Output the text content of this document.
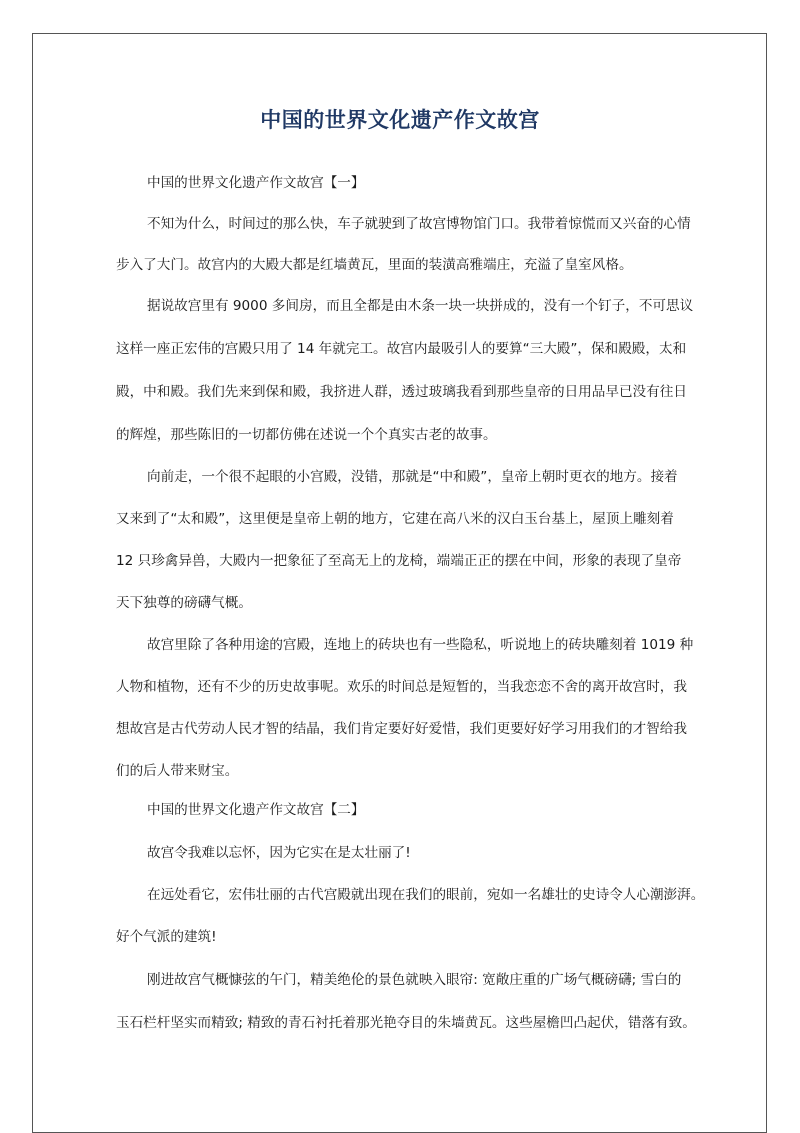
中国的世界文化遗产作文故宫
中国的世界文化遗产作文故宫【一】
不知为什么，时间过的那么快，车子就驶到了故宫博物馆门口。我带着惊慌而又兴奋的心情
步入了大门。故宫内的大殿大都是红墙黄瓦，里面的装潢高雅端庄，充溢了皇室风格。
据说故宫里有 9000 多间房，而且全都是由木条一块一块拼成的，没有一个钉子，不可思议
这样一座正宏伟的宫殿只用了 14 年就完工。故宫内最吸引人的要算“三大殿”，保和殿殿，太和
殿，中和殿。我们先来到保和殿，我挤进人群，透过玻璃我看到那些皇帝的日用品早已没有往日
的辉煌，那些陈旧的一切都仿佛在述说一个个真实古老的故事。
向前走，一个很不起眼的小宫殿，没错，那就是“中和殿”，皇帝上朝时更衣的地方。接着
又来到了“太和殿”，这里便是皇帝上朝的地方，它建在高八米的汉白玉台基上，屋顶上雕刻着
12 只珍禽异兽，大殿内一把象征了至高无上的龙椅，端端正正的摆在中间，形象的表现了皇帝
天下独尊的磅礴气概。
故宫里除了各种用途的宫殿，连地上的砖块也有一些隐私，听说地上的砖块雕刻着 1019 种
人物和植物，还有不少的历史故事呢。欢乐的时间总是短暂的，当我恋恋不舍的离开故宫时，我
想故宫是古代劳动人民才智的结晶，我们肯定要好好爱惜，我们更要好好学习用我们的才智给我
们的后人带来财宝。
中国的世界文化遗产作文故宫【二】
故宫令我难以忘怀，因为它实在是太壮丽了!
在远处看它，宏伟壮丽的古代宫殿就出现在我们的眼前，宛如一名雄壮的史诗令人心潮澎湃。
好个气派的建筑!
刚进故宫气概慷弦的午门，精美绝伦的景色就映入眼帘: 宽敞庄重的广场气概磅礴; 雪白的
玉石栏杆坚实而精致; 精致的青石衬托着那光艳夺目的朱墙黄瓦。这些屋檐凹凸起伏，错落有致。
